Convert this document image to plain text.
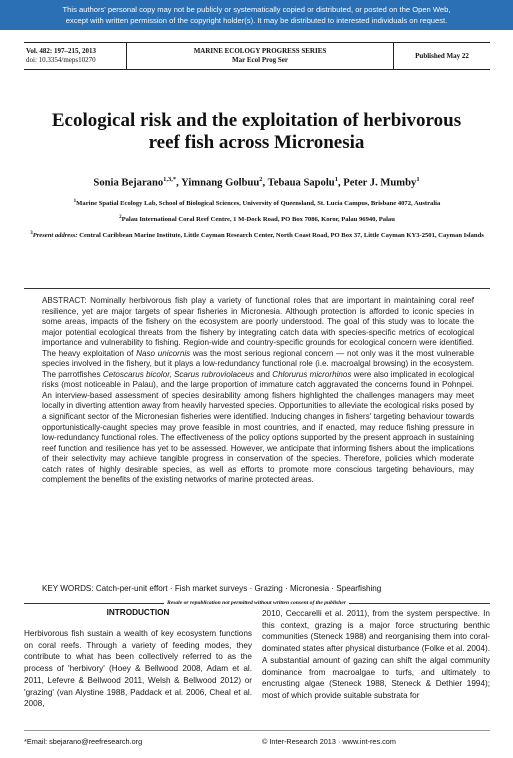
This authors' personal copy may not be publicly or systematically copied or distributed, or posted on the Open Web,
except with written permission of the copyright holder(s). It may be distributed to interested individuals on request.
Vol. 482: 197–215, 2013
doi: 10.3354/meps10270
MARINE ECOLOGY PROGRESS SERIES
Mar Ecol Prog Ser	Published May 22
Ecological risk and the exploitation of herbivorous
reef fish across Micronesia
Sonia Bejarano$^{1,3,*}$, Yimnang Golbuu$^2$, Tebaua Sapolu$^1$, Peter J. Mumby$^1$

$^1$Marine Spatial Ecology Lab, School of Biological Sciences, University of Queensland, St. Lucia Campus, Brisbane 4072, Australia

$^2$Palau International Coral Reef Centre, 1 M-Dock Road, PO Box 7086, Koror, Palau 96940, Palau

$^3$Present address: Central Caribbean Marine Institute, Little Cayman Research Center, North Coast Road, PO Box 37, Little Cayman KY3-2501, Cayman Islands

ABSTRACT: Nominally herbivorous fish play a variety of functional roles that are important in maintaining coral reef resilience, yet are major targets of spear fisheries in Micronesia. Although protection is afforded to iconic species in some areas, impacts of the fishery on the ecosystem are poorly understood. The goal of this study was to locate the major potential ecological threats from the fishery by integrating catch data with species-specific metrics of ecological importance and vulnerability to fishing. Region-wide and country-specific grounds for ecological concern were identified. The heavy exploitation of Naso unicornis was the most serious regional concern — not only was it the most vulnerable species involved in the fishery, but it plays a low-redundancy functional role (i.e. macroalgal browsing) in the ecosystem. The parrotfishes Cetoscarus bicolor, Scarus rubroviolaceus and Chlorurus microrhinos were also implicated in ecological risks (most noticeable in Palau), and the large proportion of immature catch aggravated the concerns found in Pohnpei. An interview-based assessment of species desirability among fishers highlighted the challenges managers may meet locally in diverting attention away from heavily harvested species. Opportunities to alleviate the ecological risks posed by a significant sector of the Micronesian fisheries were identified. Inducing changes in fishers' targeting behaviour towards opportunistically-caught species may prove feasible in most countries, and if enacted, may reduce fishing pressure in low-redundancy functional roles. The effectiveness of the policy options supported by the present approach in sustaining reef function and resilience has yet to be assessed. However, we anticipate that informing fishers about the implications of their selectivity may achieve tangible progress in conservation of the species. Therefore, policies which moderate catch rates of highly desirable species, as well as efforts to promote more conscious targeting behaviours, may complement the benefits of the existing networks of marine protected areas.
KEY WORDS: Catch-per-unit effort · Fish market surveys · Grazing · Micronesia · Spearfishing
Resale or republication not permitted without written consent of the publisher
INTRODUCTION
Herbivorous fish sustain a wealth of key ecosystem functions on coral reefs. Through a variety of feeding modes, they contribute to what has been collectively referred to as the process of 'herbivory' (Hoey & Bellwood 2008, Adam et al. 2011, Lefevre & Bellwood 2011, Welsh & Bellwood 2012) or 'grazing' (van Alystine 1988, Paddack et al. 2006, Cheal et al. 2008,
2010, Ceccarelli et al. 2011), from the system perspective. In this context, grazing is a major force structuring benthic communities (Steneck 1988) and reorganising them into coral-dominated states after physical disturbance (Folke et al. 2004). A substantial amount of gazing can shift the algal community dominance from macroalgae to turfs, and ultimately to encrusting algae (Steneck 1988, Steneck & Dethier 1994); most of which provide suitable substrata for
*Email: sbejarano@reefresearch.org	© Inter-Research 2013 · www.int-res.com
